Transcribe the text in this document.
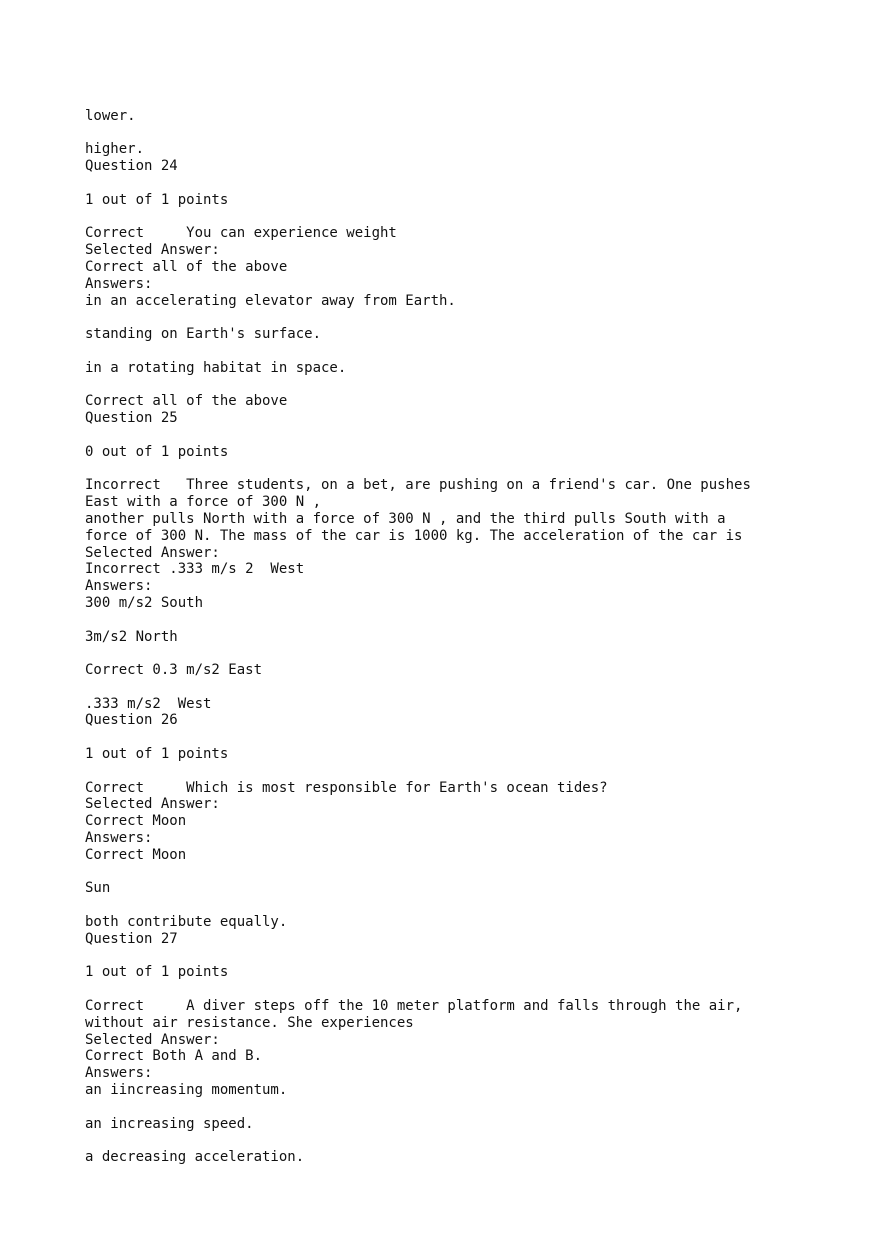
lower.
higher.
Question 24
1 out of 1 points
Correct     You can experience weight
Selected Answer:
Correct all of the above
Answers:
in an accelerating elevator away from Earth.
standing on Earth's surface.
in a rotating habitat in space.
Correct all of the above
Question 25
0 out of 1 points
Incorrect   Three students, on a bet, are pushing on a friend's car. One pushes
East with a force of 300 N ,
another pulls North with a force of 300 N , and the third pulls South with a
force of 300 N. The mass of the car is 1000 kg. The acceleration of the car is
Selected Answer:
Incorrect .333 m/s 2  West
Answers:
300 m/s2 South
3m/s2 North
Correct 0.3 m/s2 East
.333 m/s2  West
Question 26
1 out of 1 points
Correct     Which is most responsible for Earth's ocean tides?
Selected Answer:
Correct Moon
Answers:
Correct Moon
Sun
both contribute equally.
Question 27
1 out of 1 points
Correct     A diver steps off the 10 meter platform and falls through the air,
without air resistance. She experiences
Selected Answer:
Correct Both A and B.
Answers:
an iincreasing momentum.
an increasing speed.
a decreasing acceleration.
